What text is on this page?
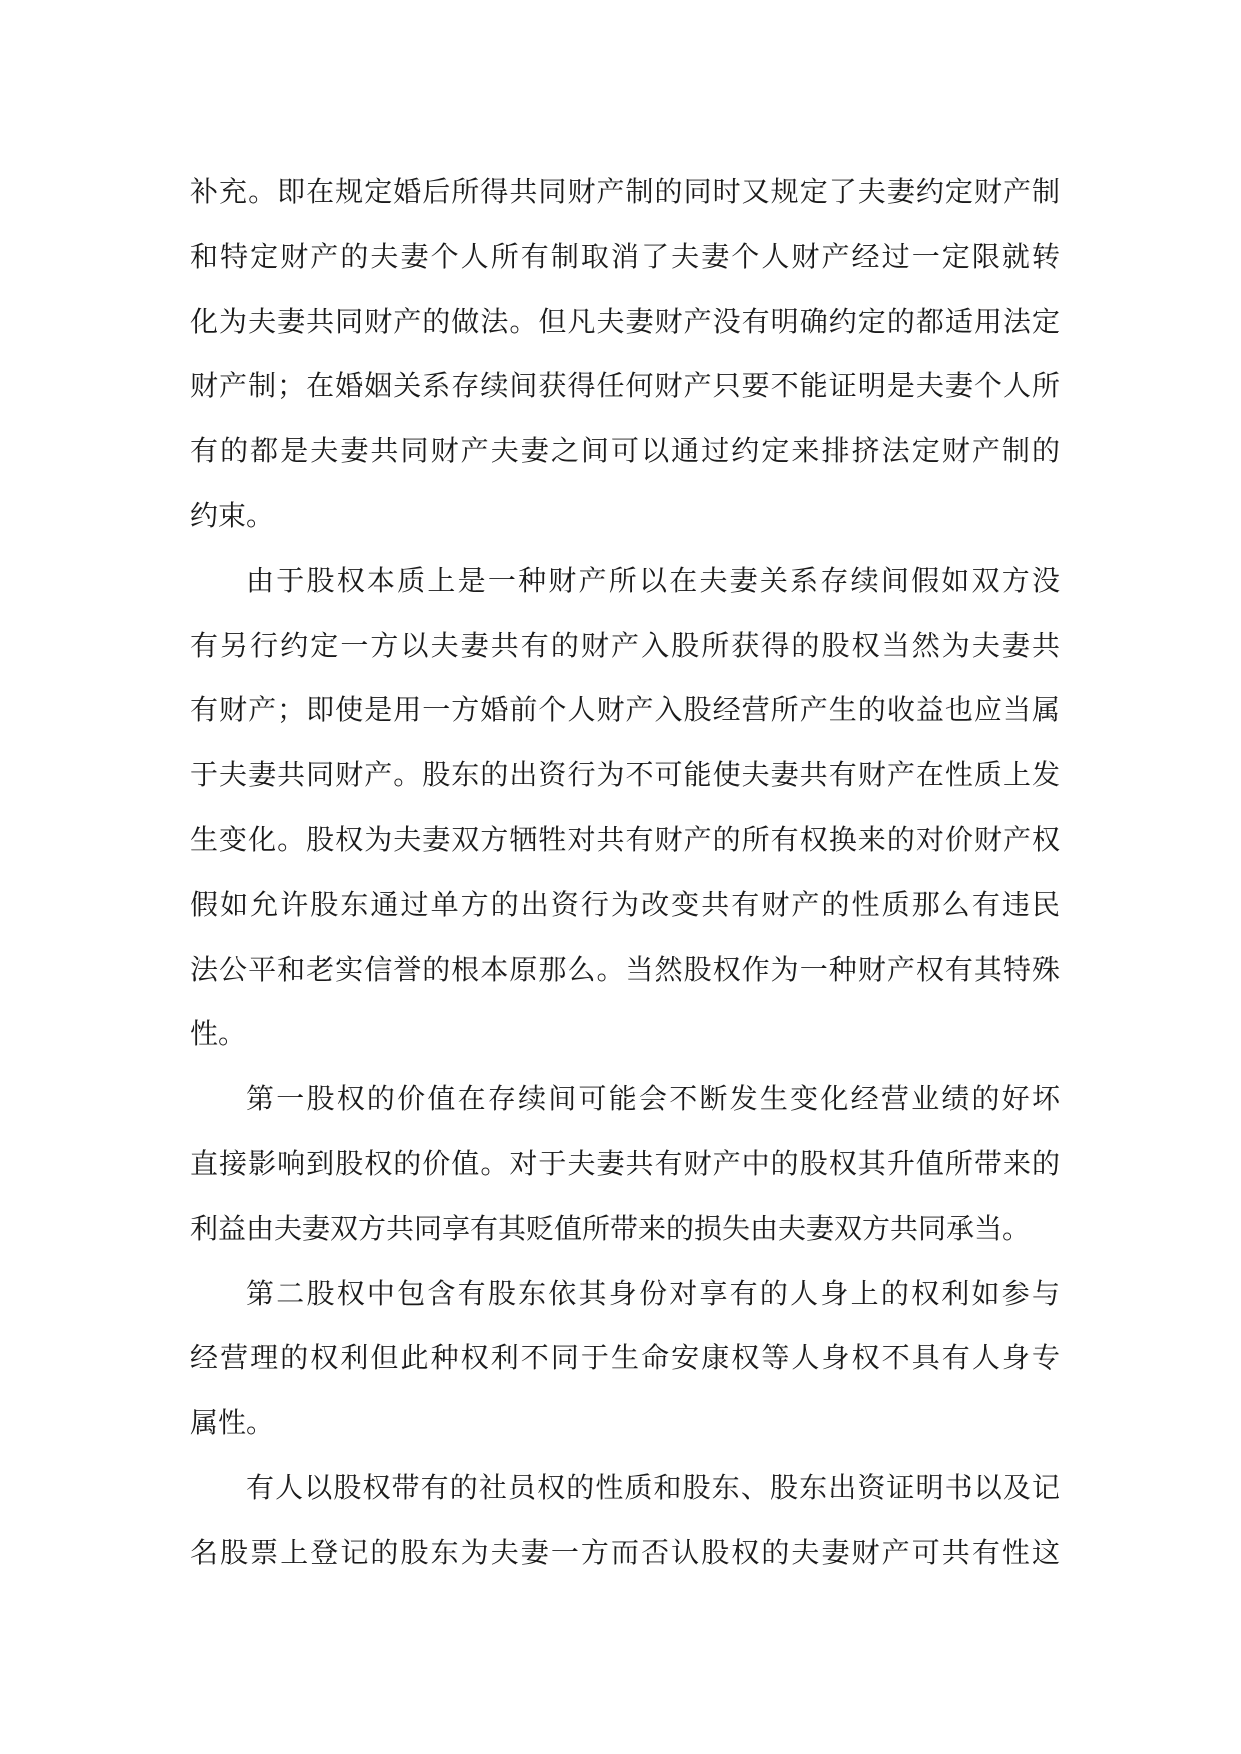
补充。即在规定婚后所得共同财产制的同时又规定了夫妻约定财产制
和特定财产的夫妻个人所有制取消了夫妻个人财产经过一定限就转
化为夫妻共同财产的做法。但凡夫妻财产没有明确约定的都适用法定
财产制；在婚姻关系存续间获得任何财产只要不能证明是夫妻个人所
有的都是夫妻共同财产夫妻之间可以通过约定来排挤法定财产制的
约束。
由于股权本质上是一种财产所以在夫妻关系存续间假如双方没
有另行约定一方以夫妻共有的财产入股所获得的股权当然为夫妻共
有财产；即使是用一方婚前个人财产入股经营所产生的收益也应当属
于夫妻共同财产。股东的出资行为不可能使夫妻共有财产在性质上发
生变化。股权为夫妻双方牺牲对共有财产的所有权换来的对价财产权
假如允许股东通过单方的出资行为改变共有财产的性质那么有违民
法公平和老实信誉的根本原那么。当然股权作为一种财产权有其特殊
性。
第一股权的价值在存续间可能会不断发生变化经营业绩的好坏
直接影响到股权的价值。对于夫妻共有财产中的股权其升值所带来的
利益由夫妻双方共同享有其贬值所带来的损失由夫妻双方共同承当。
第二股权中包含有股东依其身份对享有的人身上的权利如参与
经营理的权利但此种权利不同于生命安康权等人身权不具有人身专
属性。
有人以股权带有的社员权的性质和股东、股东出资证明书以及记
名股票上登记的股东为夫妻一方而否认股权的夫妻财产可共有性这
